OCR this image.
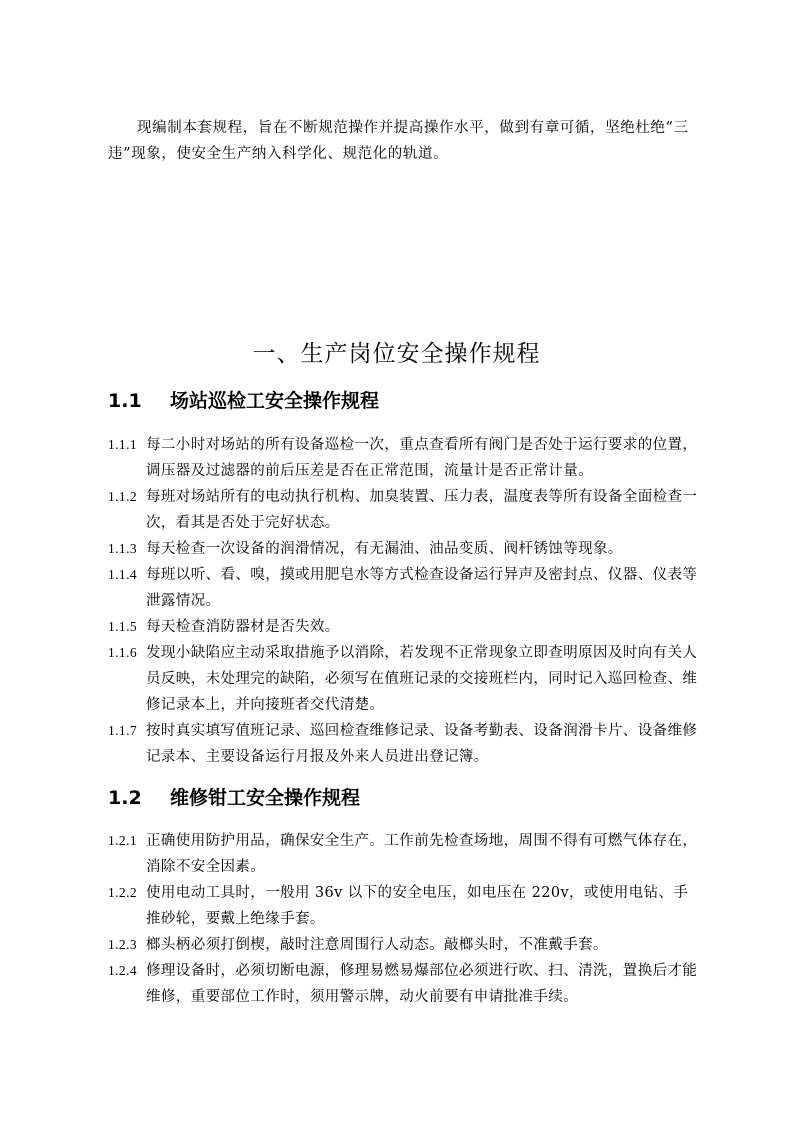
现编制本套规程，旨在不断规范操作并提高操作水平，做到有章可循，坚绝杜绝“三违”现象，使安全生产纳入科学化、规范化的轨道。

一、生产岗位安全操作规程
1.1 场站巡检工安全操作规程
1.1.1 每二小时对场站的所有设备巡检一次，重点查看所有阀门是否处于运行要求的位置，调压器及过滤器的前后压差是否在正常范围，流量计是否正常计量。
1.1.2 每班对场站所有的电动执行机构、加臭装置、压力表，温度表等所有设备全面检查一次，看其是否处于完好状态。
1.1.3 每天检查一次设备的润滑情况，有无漏油、油品变质、阀杆锈蚀等现象。
1.1.4 每班以听、看、嗅，摸或用肥皂水等方式检查设备运行异声及密封点、仪器、仪表等泄露情况。
1.1.5 每天检查消防器材是否失效。
1.1.6 发现小缺陷应主动采取措施予以消除，若发现不正常现象立即查明原因及时向有关人员反映，未处理完的缺陷，必须写在值班记录的交接班栏内，同时记入巡回检查、维修记录本上，并向接班者交代清楚。
1.1.7 按时真实填写值班记录、巡回检查维修记录、设备考勤表、设备润滑卡片、设备维修记录本、主要设备运行月报及外来人员进出登记簿。
1.2 维修钳工安全操作规程
1.2.1 正确使用防护用品，确保安全生产。工作前先检查场地，周围不得有可燃气体存在，消除不安全因素。
1.2.2 使用电动工具时，一般用 36v 以下的安全电压，如电压在 220v，或使用电钻、手推砂轮，要戴上绝缘手套。
1.2.3 榔头柄必须打倒楔，敲时注意周围行人动态。敲榔头时，不准戴手套。
1.2.4 修理设备时，必须切断电源，修理易燃易爆部位必须进行吹、扫、清洗，置换后才能维修，重要部位工作时，须用警示牌，动火前要有申请批准手续。
